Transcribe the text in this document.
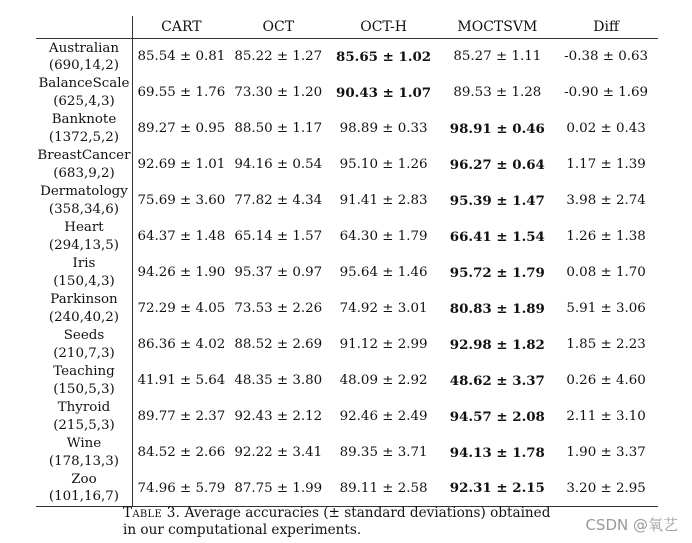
	CART	OCT	OCT-H	MOCTSVM	Diff

Australian
(690,14,2)	85.54 ± 0.81	85.22 ± 1.27	85.65 ± 1.02	85.27 ± 1.11	-0.38 ± 0.63

BalanceScale
(625,4,3)	69.55 ± 1.76	73.30 ± 1.20	90.43 ± 1.07	89.53 ± 1.28	-0.90 ± 1.69

Banknote
(1372,5,2)	89.27 ± 0.95	88.50 ± 1.17	98.89 ± 0.33	98.91 ± 0.46	0.02 ± 0.43

BreastCancer
(683,9,2)	92.69 ± 1.01	94.16 ± 0.54	95.10 ± 1.26	96.27 ± 0.64	1.17 ± 1.39

Dermatology
(358,34,6)	75.69 ± 3.60	77.82 ± 4.34	91.41 ± 2.83	95.39 ± 1.47	3.98 ± 2.74

Heart
(294,13,5)	64.37 ± 1.48	65.14 ± 1.57	64.30 ± 1.79	66.41 ± 1.54	1.26 ± 1.38

Iris
(150,4,3)	94.26 ± 1.90	95.37 ± 0.97	95.64 ± 1.46	95.72 ± 1.79	0.08 ± 1.70

Parkinson
(240,40,2)	72.29 ± 4.05	73.53 ± 2.26	74.92 ± 3.01	80.83 ± 1.89	5.91 ± 3.06

Seeds
(210,7,3)	86.36 ± 4.02	88.52 ± 2.69	91.12 ± 2.99	92.98 ± 1.82	1.85 ± 2.23

Teaching
(150,5,3)	41.91 ± 5.64	48.35 ± 3.80	48.09 ± 2.92	48.62 ± 3.37	0.26 ± 4.60

Thyroid
(215,5,3)	89.77 ± 2.37	92.43 ± 2.12	92.46 ± 2.49	94.57 ± 2.08	2.11 ± 3.10

Wine
(178,13,3)	84.52 ± 2.66	92.22 ± 3.41	89.35 ± 3.71	94.13 ± 1.78	1.90 ± 3.37

Zoo
(101,16,7)	74.96 ± 5.79	87.75 ± 1.99	89.11 ± 2.58	92.31 ± 2.15	3.20 ± 2.95
Table 3. Average accuracies (± standard deviations) obtained in our computational experiments.	CSDN @氧艺
